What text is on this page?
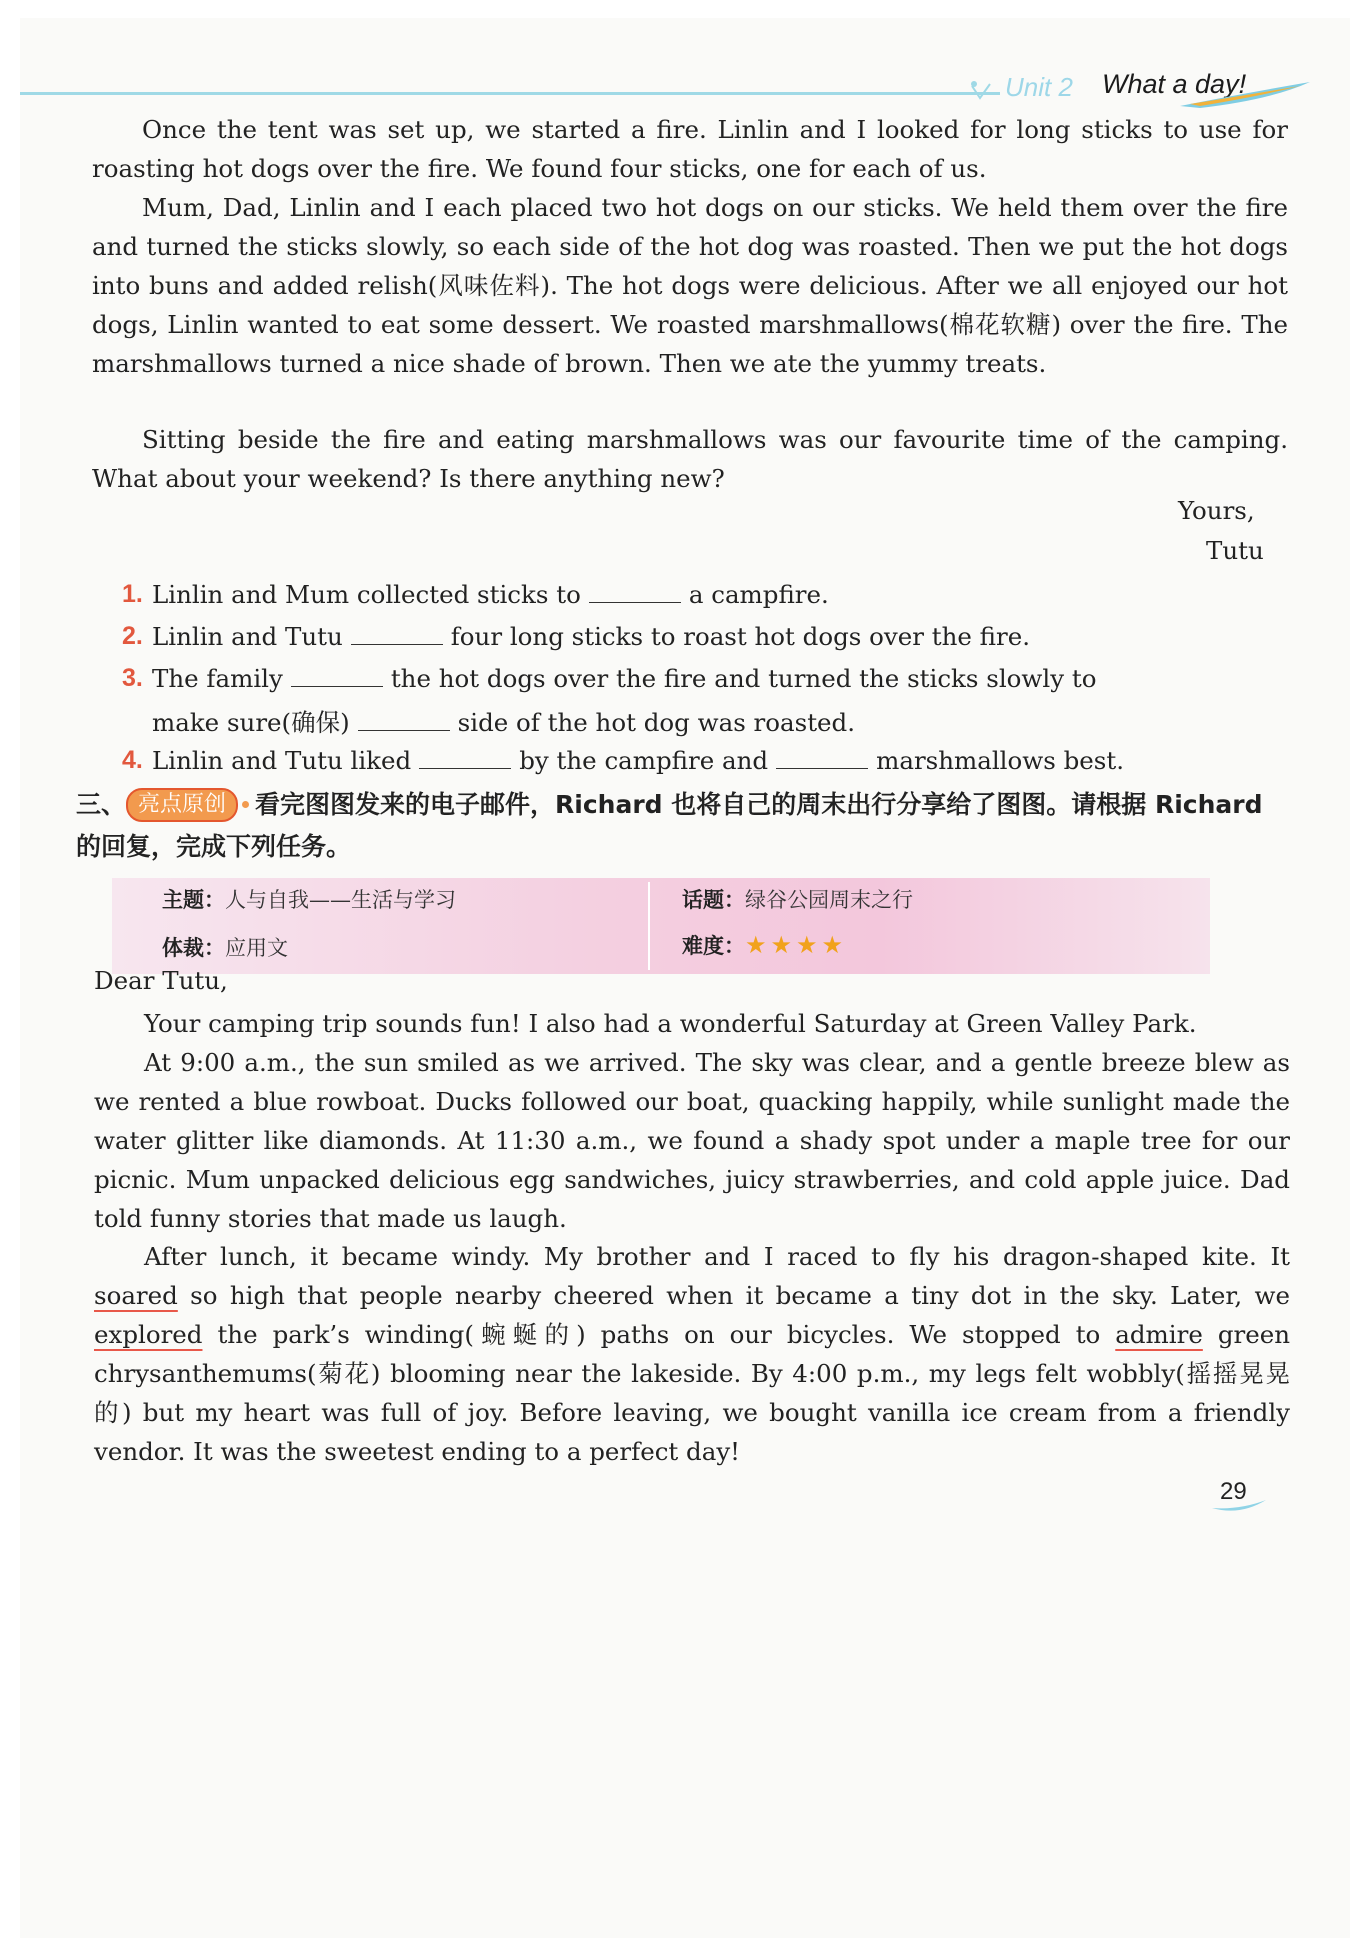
Unit 2 What a day!

Once the tent was set up, we started a fire. Linlin and I looked for long sticks to use for roasting hot dogs over the fire. We found four sticks, one for each of us.

Mum, Dad, Linlin and I each placed two hot dogs on our sticks. We held them over the fire and turned the sticks slowly, so each side of the hot dog was roasted. Then we put the hot dogs into buns and added relish(风味佐料). The hot dogs were delicious. After we all enjoyed our hot dogs, Linlin wanted to eat some dessert. We roasted marshmallows(棉花软糖) over the fire. The marshmallows turned a nice shade of brown. Then we ate the yummy treats.

Sitting beside the fire and eating marshmallows was our favourite time of the camping. What about your weekend? Is there anything new?

Yours,
Tutu
1. Linlin and Mum collected sticks to	a campfire.
2. Linlin and Tutu	four long sticks to roast hot dogs over the fire.
3. The family	the hot dogs over the fire and turned the sticks slowly to
make sure(确保)	side of the hot dog was roasted.
4. Linlin and Tutu liked	by the campfire and	marshmallows best.
三、 亮点原创 看完图图发来的电子邮件，Richard 也将自己的周末出行分享给了图图。请根据 Richard 的回复，完成下列任务。
主题：人与自我——生活与学习	话题：绿谷公园周末之行
体裁：应用文	难度：★ ★ ★ ★
Dear Tutu,

Your camping trip sounds fun! I also had a wonderful Saturday at Green Valley Park.

At 9:00 a.m., the sun smiled as we arrived. The sky was clear, and a gentle breeze blew as we rented a blue rowboat. Ducks followed our boat, quacking happily, while sunlight made the water glitter like diamonds. At 11:30 a.m., we found a shady spot under a maple tree for our picnic. Mum unpacked delicious egg sandwiches, juicy strawberries, and cold apple juice. Dad told funny stories that made us laugh.

After lunch, it became windy. My brother and I raced to fly his dragon-shaped kite. It soared so high that people nearby cheered when it became a tiny dot in the sky. Later, we explored the park’s winding(蜿蜒的) paths on our bicycles. We stopped to admire green chrysanthemums(菊花) blooming near the lakeside. By 4:00 p.m., my legs felt wobbly(摇摇晃晃的) but my heart was full of joy. Before leaving, we bought vanilla ice cream from a friendly vendor. It was the sweetest ending to a perfect day!

29
